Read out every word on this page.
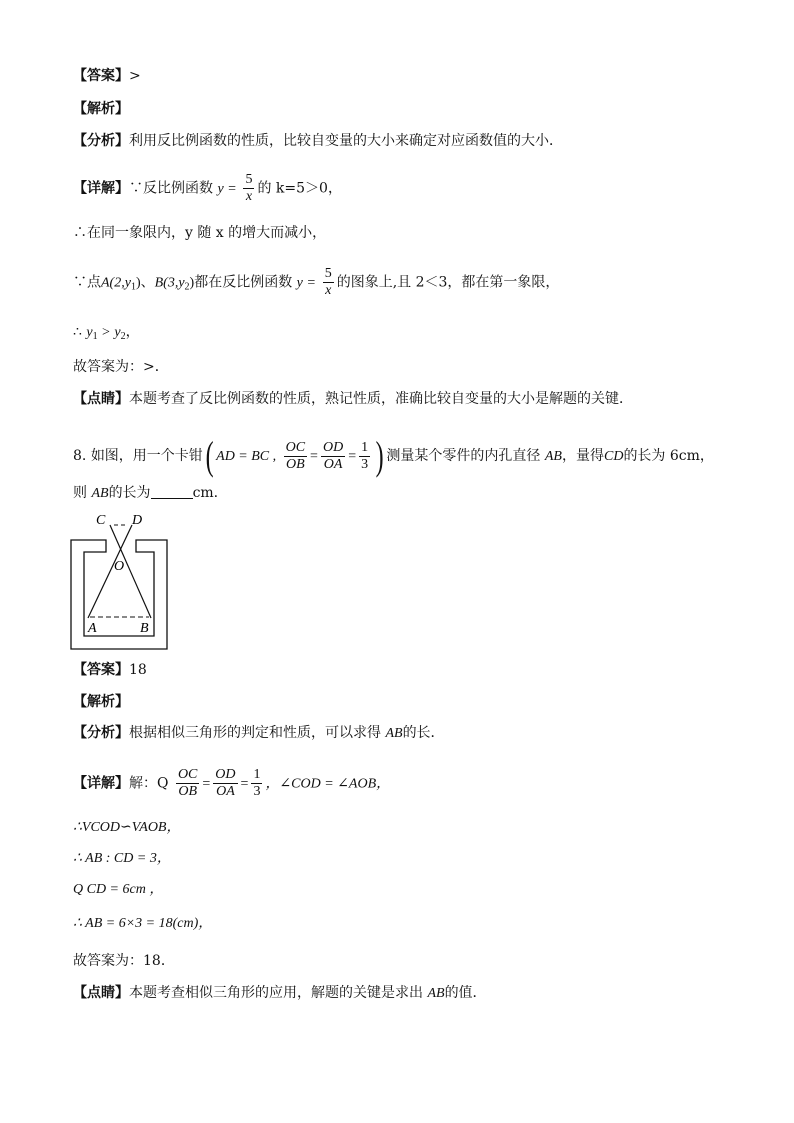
【答案】>
【解析】
【分析】利用反比例函数的性质，比较自变量的大小来确定对应函数值的大小．
【详解】∵反比例函数 $y = \frac{5}{x}$ 的 k=5＞0，
∴在同一象限内，y 随 x 的增大而减小，
∵点$A(2,y_1)$、$B(3,y_2)$都在反比例函数 $y = \frac{5}{x}$ 的图象上,且 2＜3，都在第一象限，
∴ $y_1 > y_2$，
故答案为：>．
【点睛】本题考查了反比例函数的性质，熟记性质，准确比较自变量的大小是解题的关键．
8. 如图，用一个卡钳( AD = BC , $\frac{OC}{OB} = \frac{OD}{OA} = \frac{1}{3}$ ) 测量某个零件的内孔直径 AB，量得CD的长为 6cm，
则 AB的长为	cm.
C D
O
A	B
【答案】18
【解析】
【分析】根据相似三角形的判定和性质，可以求得 AB的长．
【详解】解：Q $\frac{OC}{OB} = \frac{OD}{OA} = \frac{1}{3}$ ，∠COD = ∠AOB，
∴VCOD∽VAOB，
∴ AB : CD = 3，
Q CD = 6cm ，
∴ AB = 6×3 = 18(cm)，
故答案为：18．
【点睛】本题考查相似三角形的应用，解题的关键是求出 AB的值．
